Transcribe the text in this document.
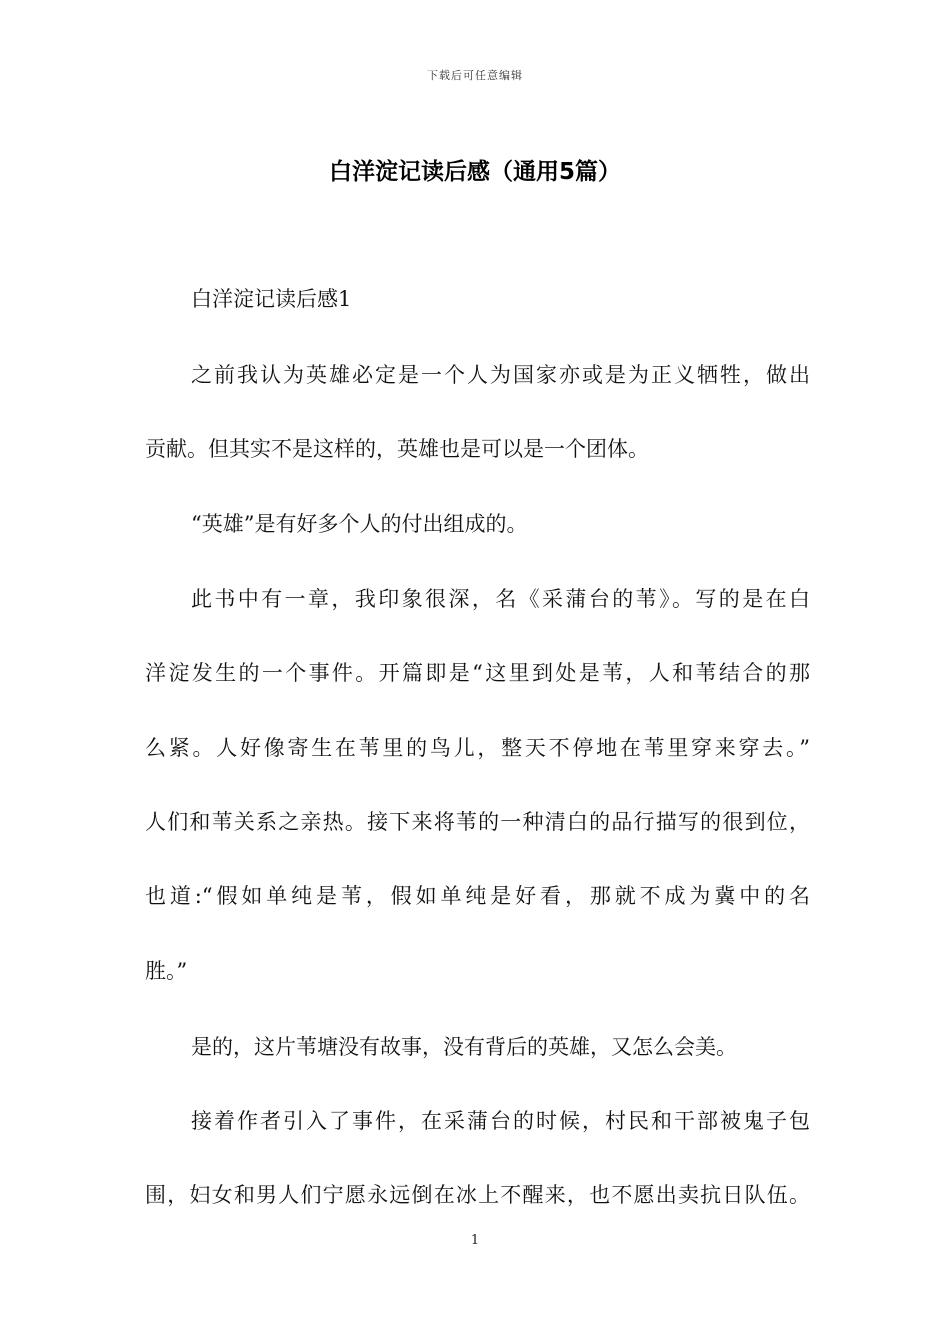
下载后可任意编辑
白洋淀记读后感（通用5篇）
白洋淀记读后感1
之前我认为英雄必定是一个人为国家亦或是为正义牺牲，做出
贡献。但其实不是这样的，英雄也是可以是一个团体。
“英雄”是有好多个人的付出组成的。
此书中有一章，我印象很深，名《采蒲台的苇》。写的是在白
洋淀发生的一个事件。开篇即是“这里到处是苇，人和苇结合的那
么紧。人好像寄生在苇里的鸟儿，整天不停地在苇里穿来穿去。”
人们和苇关系之亲热。接下来将苇的一种清白的品行描写的很到位，
也道:“假如单纯是苇，假如单纯是好看，那就不成为冀中的名
胜。”
是的，这片苇塘没有故事，没有背后的英雄，又怎么会美。
接着作者引入了事件，在采蒲台的时候，村民和干部被鬼子包
围，妇女和男人们宁愿永远倒在冰上不醒来，也不愿出卖抗日队伍。
1
